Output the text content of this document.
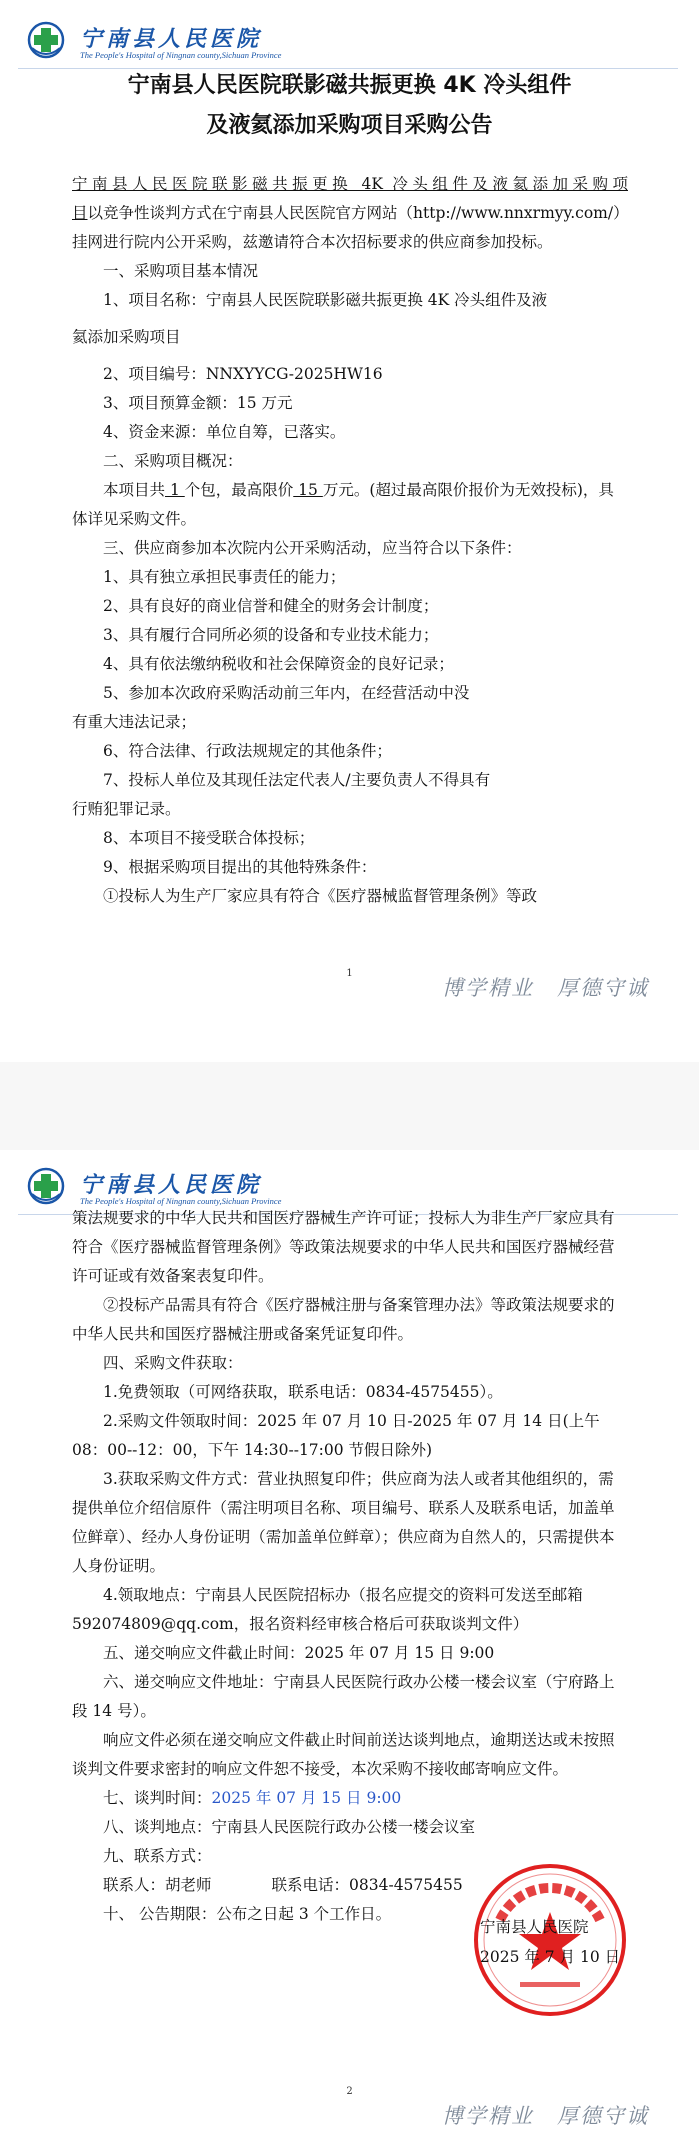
宁南县人民医院
The People's Hospital of Ningnan county,Sichuan Province
宁南县人民医院联影磁共振更换 4K 冷头组件
及液氦添加采购项目采购公告

宁南县人民医院联影磁共振更换 4K 冷头组件及液氦添加采购项
目以竞争性谈判方式在宁南县人民医院官方网站（http://www.nnxrmyy.com/）挂网进行院内公开采购，兹邀请符合本次招标要求的供应商参加投标。

一、采购项目基本情况

1、项目名称：宁南县人民医院联影磁共振更换 4K 冷头组件及液

氦添加采购项目

2、项目编号：NNXYYCG-2025HW16

3、项目预算金额：15 万元

4、资金来源：单位自筹，已落实。

二、采购项目概况：

本项目共 1 个包，最高限价 15 万元。(超过最高限价报价为无效投标)，具体详见采购文件。

三、供应商参加本次院内公开采购活动，应当符合以下条件：

1、具有独立承担民事责任的能力；

2、具有良好的商业信誉和健全的财务会计制度；

3、具有履行合同所必须的设备和专业技术能力；

4、具有依法缴纳税收和社会保障资金的良好记录；

5、参加本次政府采购活动前三年内，在经营活动中没

有重大违法记录；

6、符合法律、行政法规规定的其他条件；

7、投标人单位及其现任法定代表人/主要负责人不得具有

行贿犯罪记录。

8、本项目不接受联合体投标；

9、根据采购项目提出的其他特殊条件：

①投标人为生产厂家应具有符合《医疗器械监督管理条例》等政

1
博学精业　厚德守诚
宁南县人民医院
The People's Hospital of Ningnan county,Sichuan Province

策法规要求的中华人民共和国医疗器械生产许可证；投标人为非生产厂家应具有符合《医疗器械监督管理条例》等政策法规要求的中华人民共和国医疗器械经营许可证或有效备案表复印件。

②投标产品需具有符合《医疗器械注册与备案管理办法》等政策法规要求的中华人民共和国医疗器械注册或备案凭证复印件。

四、采购文件获取：

1.免费领取（可网络获取，联系电话：0834-4575455）。

2.采购文件领取时间：2025 年 07 月 10 日-2025 年 07 月 14 日(上午 08：00--12：00，下午 14:30--17:00 节假日除外)

3.获取采购文件方式：营业执照复印件；供应商为法人或者其他组织的，需提供单位介绍信原件（需注明项目名称、项目编号、联系人及联系电话，加盖单位鲜章）、经办人身份证明（需加盖单位鲜章）；供应商为自然人的，只需提供本人身份证明。

4.领取地点：宁南县人民医院招标办（报名应提交的资料可发送至邮箱 592074809@qq.com，报名资料经审核合格后可获取谈判文件）

五、递交响应文件截止时间：2025 年 07 月 15 日 9:00

六、递交响应文件地址：宁南县人民医院行政办公楼一楼会议室（宁府路上段 14 号）。

响应文件必须在递交响应文件截止时间前送达谈判地点，逾期送达或未按照谈判文件要求密封的响应文件恕不接受，本次采购不接收邮寄响应文件。

七、谈判时间：2025 年 07 月 15 日 9:00

八、谈判地点：宁南县人民医院行政办公楼一楼会议室

九、联系方式：

联系人：胡老师	联系电话：0834-4575455

十、 公告期限：公布之日起 3 个工作日。

宁南县人民医院
2025 年 7 月 10 日
2
博学精业　厚德守诚
